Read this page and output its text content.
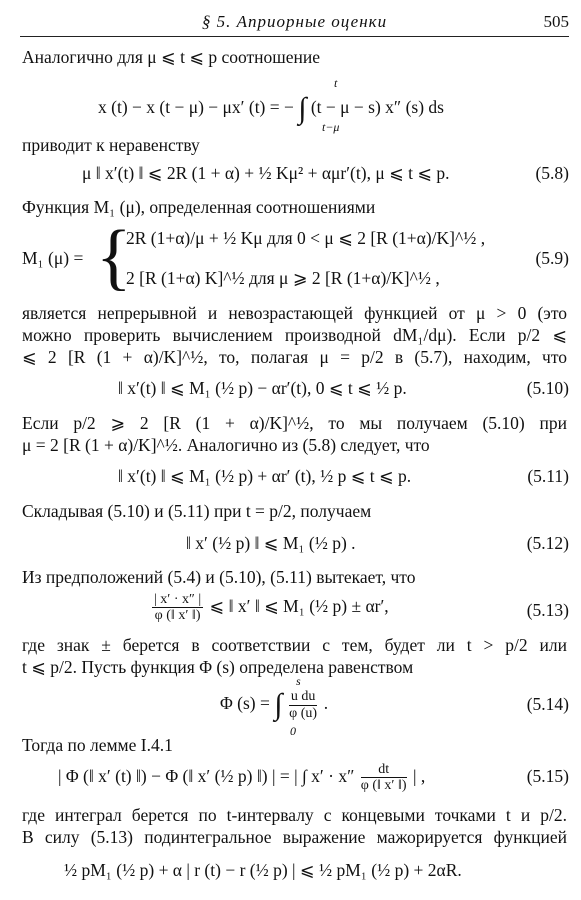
§ 5. Априорные оценки	505
Аналогично для μ ⩽ t ⩽ p соотношение
x (t) − x (t − μ) − μx′ (t) = − ∫ (t − μ − s) x″ (s) ds
t
t−μ
приводит к неравенству
μ ‖ x′(t) ‖ ⩽ 2R (1 + α) + ½ Kμ² + αμr′(t), μ ⩽ t ⩽ p.	(5.8)
Функция M₁ (μ), определенная соотношениями
M₁ (μ) = {
2R (1+α)/μ + ½ Kμ для 0 < μ ⩽ 2 [R (1+α)/K]^½ ,
2 [R (1+α) K]^½ для μ ⩾ 2 [R (1+α)/K]^½ ,
(5.9)
является непрерывной и невозрастающей функцией от μ > 0 (это
можно проверить вычислением производной dM₁/dμ). Если p/2 ⩽
⩽ 2 [R (1 + α)/K]^½, то, полагая μ = p/2 в (5.7), находим, что
‖ x′(t) ‖ ⩽ M₁ (½ p) − αr′(t), 0 ⩽ t ⩽ ½ p.	(5.10)
Если p/2 ⩾ 2 [R (1 + α)/K]^½, то мы получаем (5.10) при
μ = 2 [R (1 + α)/K]^½. Аналогично из (5.8) следует, что
‖ x′(t) ‖ ⩽ M₁ (½ p) + αr′ (t), ½ p ⩽ t ⩽ p.	(5.11)
Складывая (5.10) и (5.11) при t = p/2, получаем
‖ x′ (½ p) ‖ ⩽ M₁ (½ p) .	(5.12)
Из предположений (5.4) и (5.10), (5.11) вытекает, что
$\frac{| x' \cdot x'' |}{\varphi (‖ x' ‖)}$ ⩽ ‖ x′ ‖ ⩽ M₁ (½ p) ± αr′,	(5.13)
где знак ± берется в соответствии с тем, будет ли t > p/2 или
t ⩽ p/2. Пусть функция Φ (s) определена равенством
Φ (s) = ∫ $\frac{\text{u du}}{\varphi (u)}$ .
s
0
(5.14)
Тогда по лемме I.4.1
| Φ (‖ x′ (t) ‖) − Φ (‖ x′ (½ p) ‖) | = | ∫ $x' \cdot x'' \frac{dt}{\varphi (‖ x' ‖)}$ | ,	(5.15)
где интеграл берется по t-интервалу с концевыми точками t и p/2.
В силу (5.13) подинтегральное выражение мажорируется функцией
½ pM₁ (½ p) + α | r (t) − r (½ p) | ⩽ ½ pM₁ (½ p) + 2αR.
